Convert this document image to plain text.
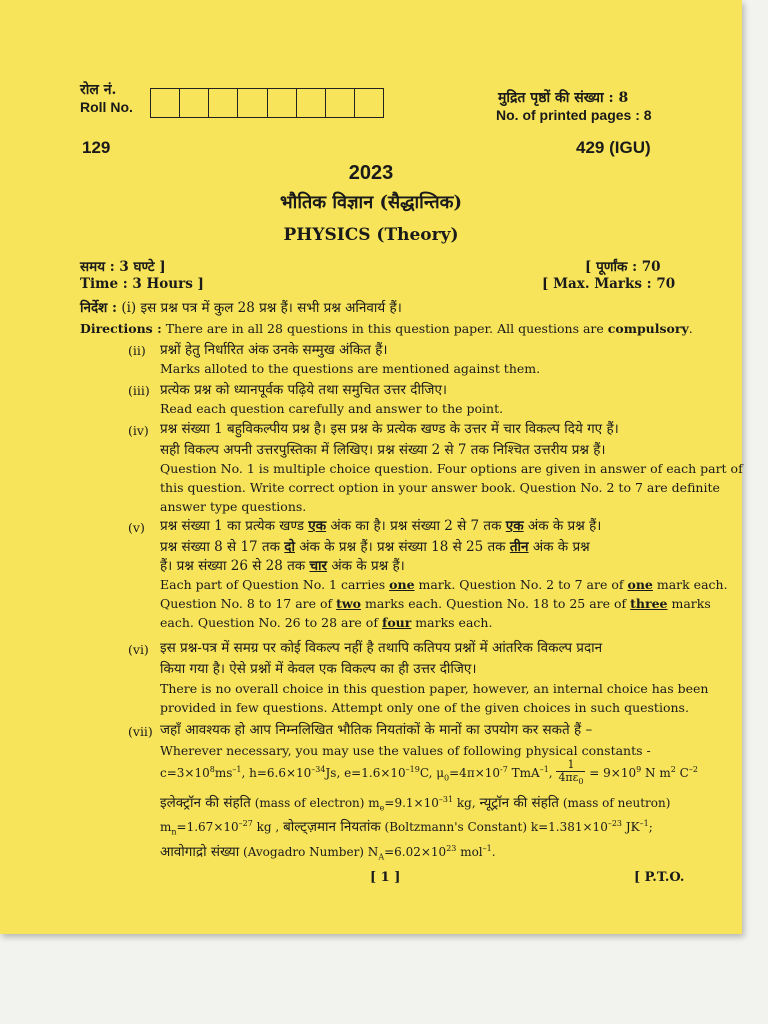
रोल नं.
Roll No.
मुद्रित पृष्ठों की संख्या : 8
No. of printed pages : 8
129	429 (IGU)
2023
भौतिक विज्ञान (सैद्धान्तिक)
PHYSICS (Theory)
समय : 3 घण्टे ]
Time : 3 Hours ]
[ पूर्णांक : 70
[ Max. Marks : 70
निर्देश : (i) इस प्रश्न पत्र में कुल 28 प्रश्न हैं। सभी प्रश्न अनिवार्य हैं।
Directions : There are in all 28 questions in this question paper. All questions are compulsory.
(ii) प्रश्नों हेतु निर्धारित अंक उनके सम्मुख अंकित हैं।
Marks alloted to the questions are mentioned against them.
(iii) प्रत्येक प्रश्न को ध्यानपूर्वक पढ़िये तथा समुचित उत्तर दीजिए।
Read each question carefully and answer to the point.
(iv) प्रश्न संख्या 1 बहुविकल्पीय प्रश्न है। इस प्रश्न के प्रत्येक खण्ड के उत्तर में चार विकल्प दिये गए हैं।
सही विकल्प अपनी उत्तरपुस्तिका में लिखिए। प्रश्न संख्या 2 से 7 तक निश्चित उत्तरीय प्रश्न हैं।
Question No. 1 is multiple choice question. Four options are given in answer of each part of
this question. Write correct option in your answer book. Question No. 2 to 7 are definite
answer type questions.
(v) प्रश्न संख्या 1 का प्रत्येक खण्ड एक अंक का है। प्रश्न संख्या 2 से 7 तक एक अंक के प्रश्न हैं।
प्रश्न संख्या 8 से 17 तक दो अंक के प्रश्न हैं। प्रश्न संख्या 18 से 25 तक तीन अंक के प्रश्न
हैं। प्रश्न संख्या 26 से 28 तक चार अंक के प्रश्न हैं।
Each part of Question No. 1 carries one mark. Question No. 2 to 7 are of one mark each.
Question No. 8 to 17 are of two marks each. Question No. 18 to 25 are of three marks
each. Question No. 26 to 28 are of four marks each.
(vi) इस प्रश्न-पत्र में समग्र पर कोई विकल्प नहीं है तथापि कतिपय प्रश्नों में आंतरिक विकल्प प्रदान
किया गया है। ऐसे प्रश्नों में केवल एक विकल्प का ही उत्तर दीजिए।
There is no overall choice in this question paper, however, an internal choice has been
provided in few questions. Attempt only one of the given choices in such questions.
(vii) जहाँ आवश्यक हो आप निम्नलिखित भौतिक नियतांकों के मानों का उपयोग कर सकते हैं –
Wherever necessary, you may use the values of following physical constants -
$c=3\times 10^8ms^{-1}$, $h=6.6\times 10^{-34}Js$, $e=1.6\times 10^{-19}C$, $\mu_0=4\pi\times 10^{-7}$ TmA$^{-1}$, $\frac{1}{4\pi\varepsilon_0} = 9\times 10^9$ N $m^2$ $C^{-2}$
इलेक्ट्रॉन की संहति (mass of electron) $m_e=9.1\times 10^{-31}$ kg, न्यूट्रॉन की संहति (mass of neutron)
$m_n=1.67\times 10^{-27}$ kg , बोल्ट्ज़मान नियतांक (Boltzmann's Constant) $k=1.381\times 10^{-23}$ $JK^{-1}$;
आवोगाद्रो संख्या (Avogadro Number) $N_A=6.02\times 10^{23}$ mol$^{-1}$.
[ 1 ]	[ P.T.O.
